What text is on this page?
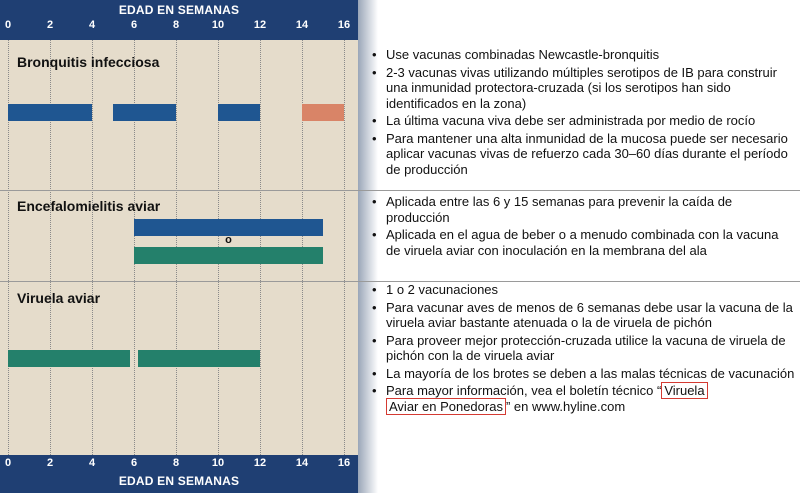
EDAD EN SEMANAS
0	2	4	6	8	10	12	14	16
EDAD EN SEMANAS
0	2	4	6	8	10	12	14	16
Bronquitis infecciosa
•	Use vacunas combinadas Newcastle-bronquitis
• 2-3 vacunas vivas utilizando múltiples serotipos de IB para construir una inmunidad protectora-cruzada (si los serotipos han sido identificados en la zona)
• La última vacuna viva debe ser administrada por medio de rocío
• Para mantener una alta inmunidad de la mucosa puede ser necesario aplicar vacunas vivas de refuerzo cada 30–60 días durante el período de producción
Encefalomielitis aviar
o
• Aplicada entre las 6 y 15 semanas para prevenir la caída de producción
• Aplicada en el agua de beber o a menudo combinada con la vacuna de viruela aviar con inoculación en la membrana del ala
Viruela aviar
• 1 o 2 vacunaciones
• Para vacunar aves de menos de 6 semanas debe usar la vacuna de la viruela aviar bastante atenuada o la de viruela de pichón
• Para proveer mejor protección-cruzada utilice la vacuna de viruela de pichón con la de viruela aviar
• La mayoría de los brotes se deben a las malas técnicas de vacunación
• Para mayor información, vea el boletín técnico “ Viruela
Aviar en Ponedoras ” en www.hyline.com
